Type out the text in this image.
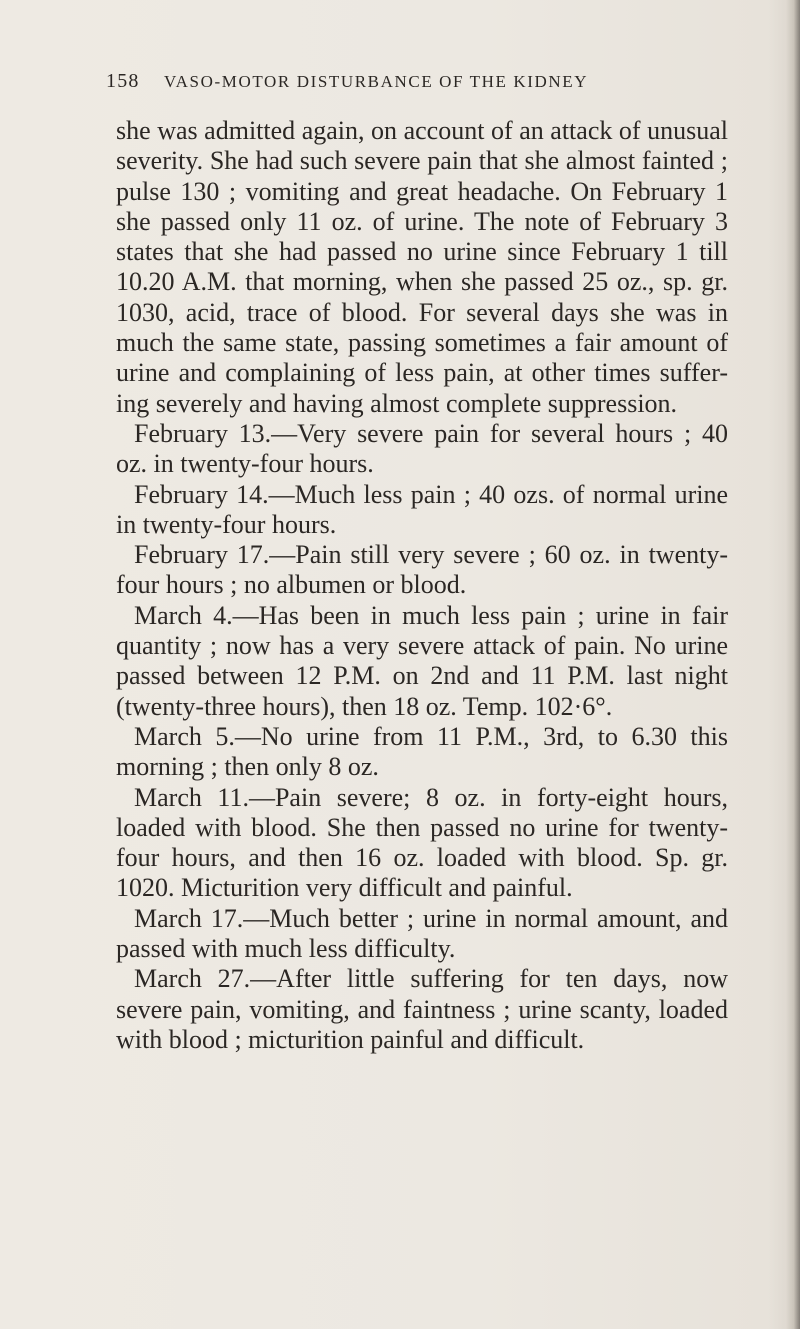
158 VASO-MOTOR DISTURBANCE OF THE KIDNEY

she was admitted again, on account of an attack of unusual severity. She had such severe pain that she almost fainted ; pulse 130 ; vomiting and great headache. On February 1 she passed only 11 oz. of urine. The note of February 3 states that she had passed no urine since February 1 till 10.20 A.M. that morning, when she passed 25 oz., sp. gr. 1030, acid, trace of blood. For several days she was in much the same state, passing sometimes a fair amount of urine and complaining of less pain, at other times suffer- ing severely and having almost complete suppression.

February 13.—Very severe pain for several hours ; 40 oz. in twenty-four hours.

February 14.—Much less pain ; 40 ozs. of normal urine in twenty-four hours.

February 17.—Pain still very severe ; 60 oz. in twenty-four hours ; no albumen or blood.

March 4.—Has been in much less pain ; urine in fair quantity ; now has a very severe attack of pain. No urine passed between 12 P.M. on 2nd and 11 P.M. last night (twenty-three hours), then 18 oz. Temp. 102·6°.

March 5.—No urine from 11 P.M., 3rd, to 6.30 this morning ; then only 8 oz.

March 11.—Pain severe; 8 oz. in forty-eight hours, loaded with blood. She then passed no urine for twenty-four hours, and then 16 oz. loaded with blood. Sp. gr. 1020. Micturition very difficult and painful.

March 17.—Much better ; urine in normal amount, and passed with much less difficulty.

March 27.—After little suffering for ten days, now severe pain, vomiting, and faintness ; urine scanty, loaded with blood ; micturition painful and difficult.
